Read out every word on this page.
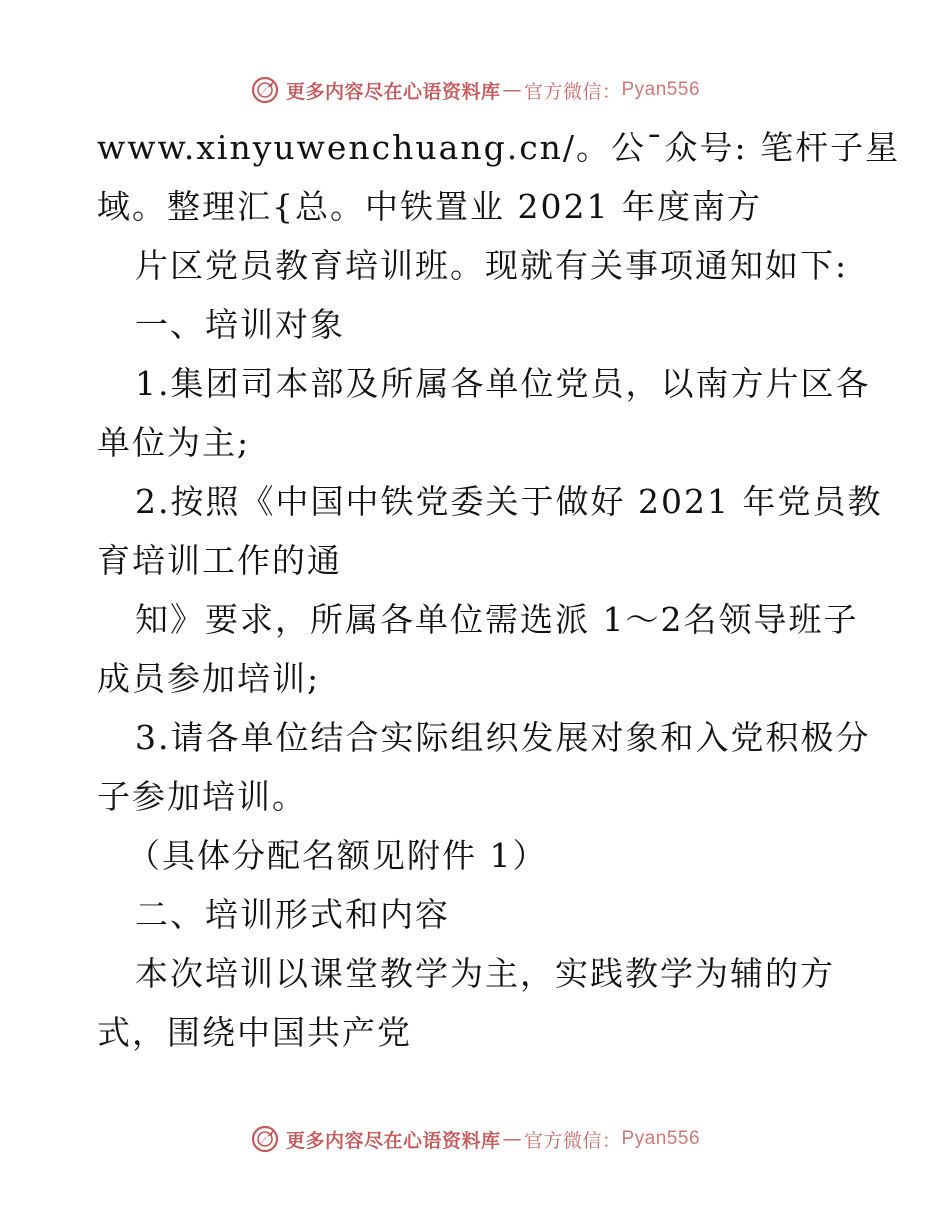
更多内容尽在心语资料库 — 官方微信： Pyan556
www.xinyuwenchuang.cn/。公¯众号: 笔杆子星
域。整理汇{总。中铁置业 2021 年度南方
片区党员教育培训班。现就有关事项通知如下:
一、培训对象
1.集团司本部及所属各单位党员，以南方片区各
单位为主;
2.按照《中国中铁党委关于做好 2021 年党员教
育培训工作的通
知》要求，所属各单位需选派 1～2名领导班子
成员参加培训;
3.请各单位结合实际组织发展对象和入党积极分
子参加培训。
（具体分配名额见附件 1）
二、培训形式和内容
本次培训以课堂教学为主，实践教学为辅的方
式，围绕中国共产党
更多内容尽在心语资料库 — 官方微信： Pyan556
